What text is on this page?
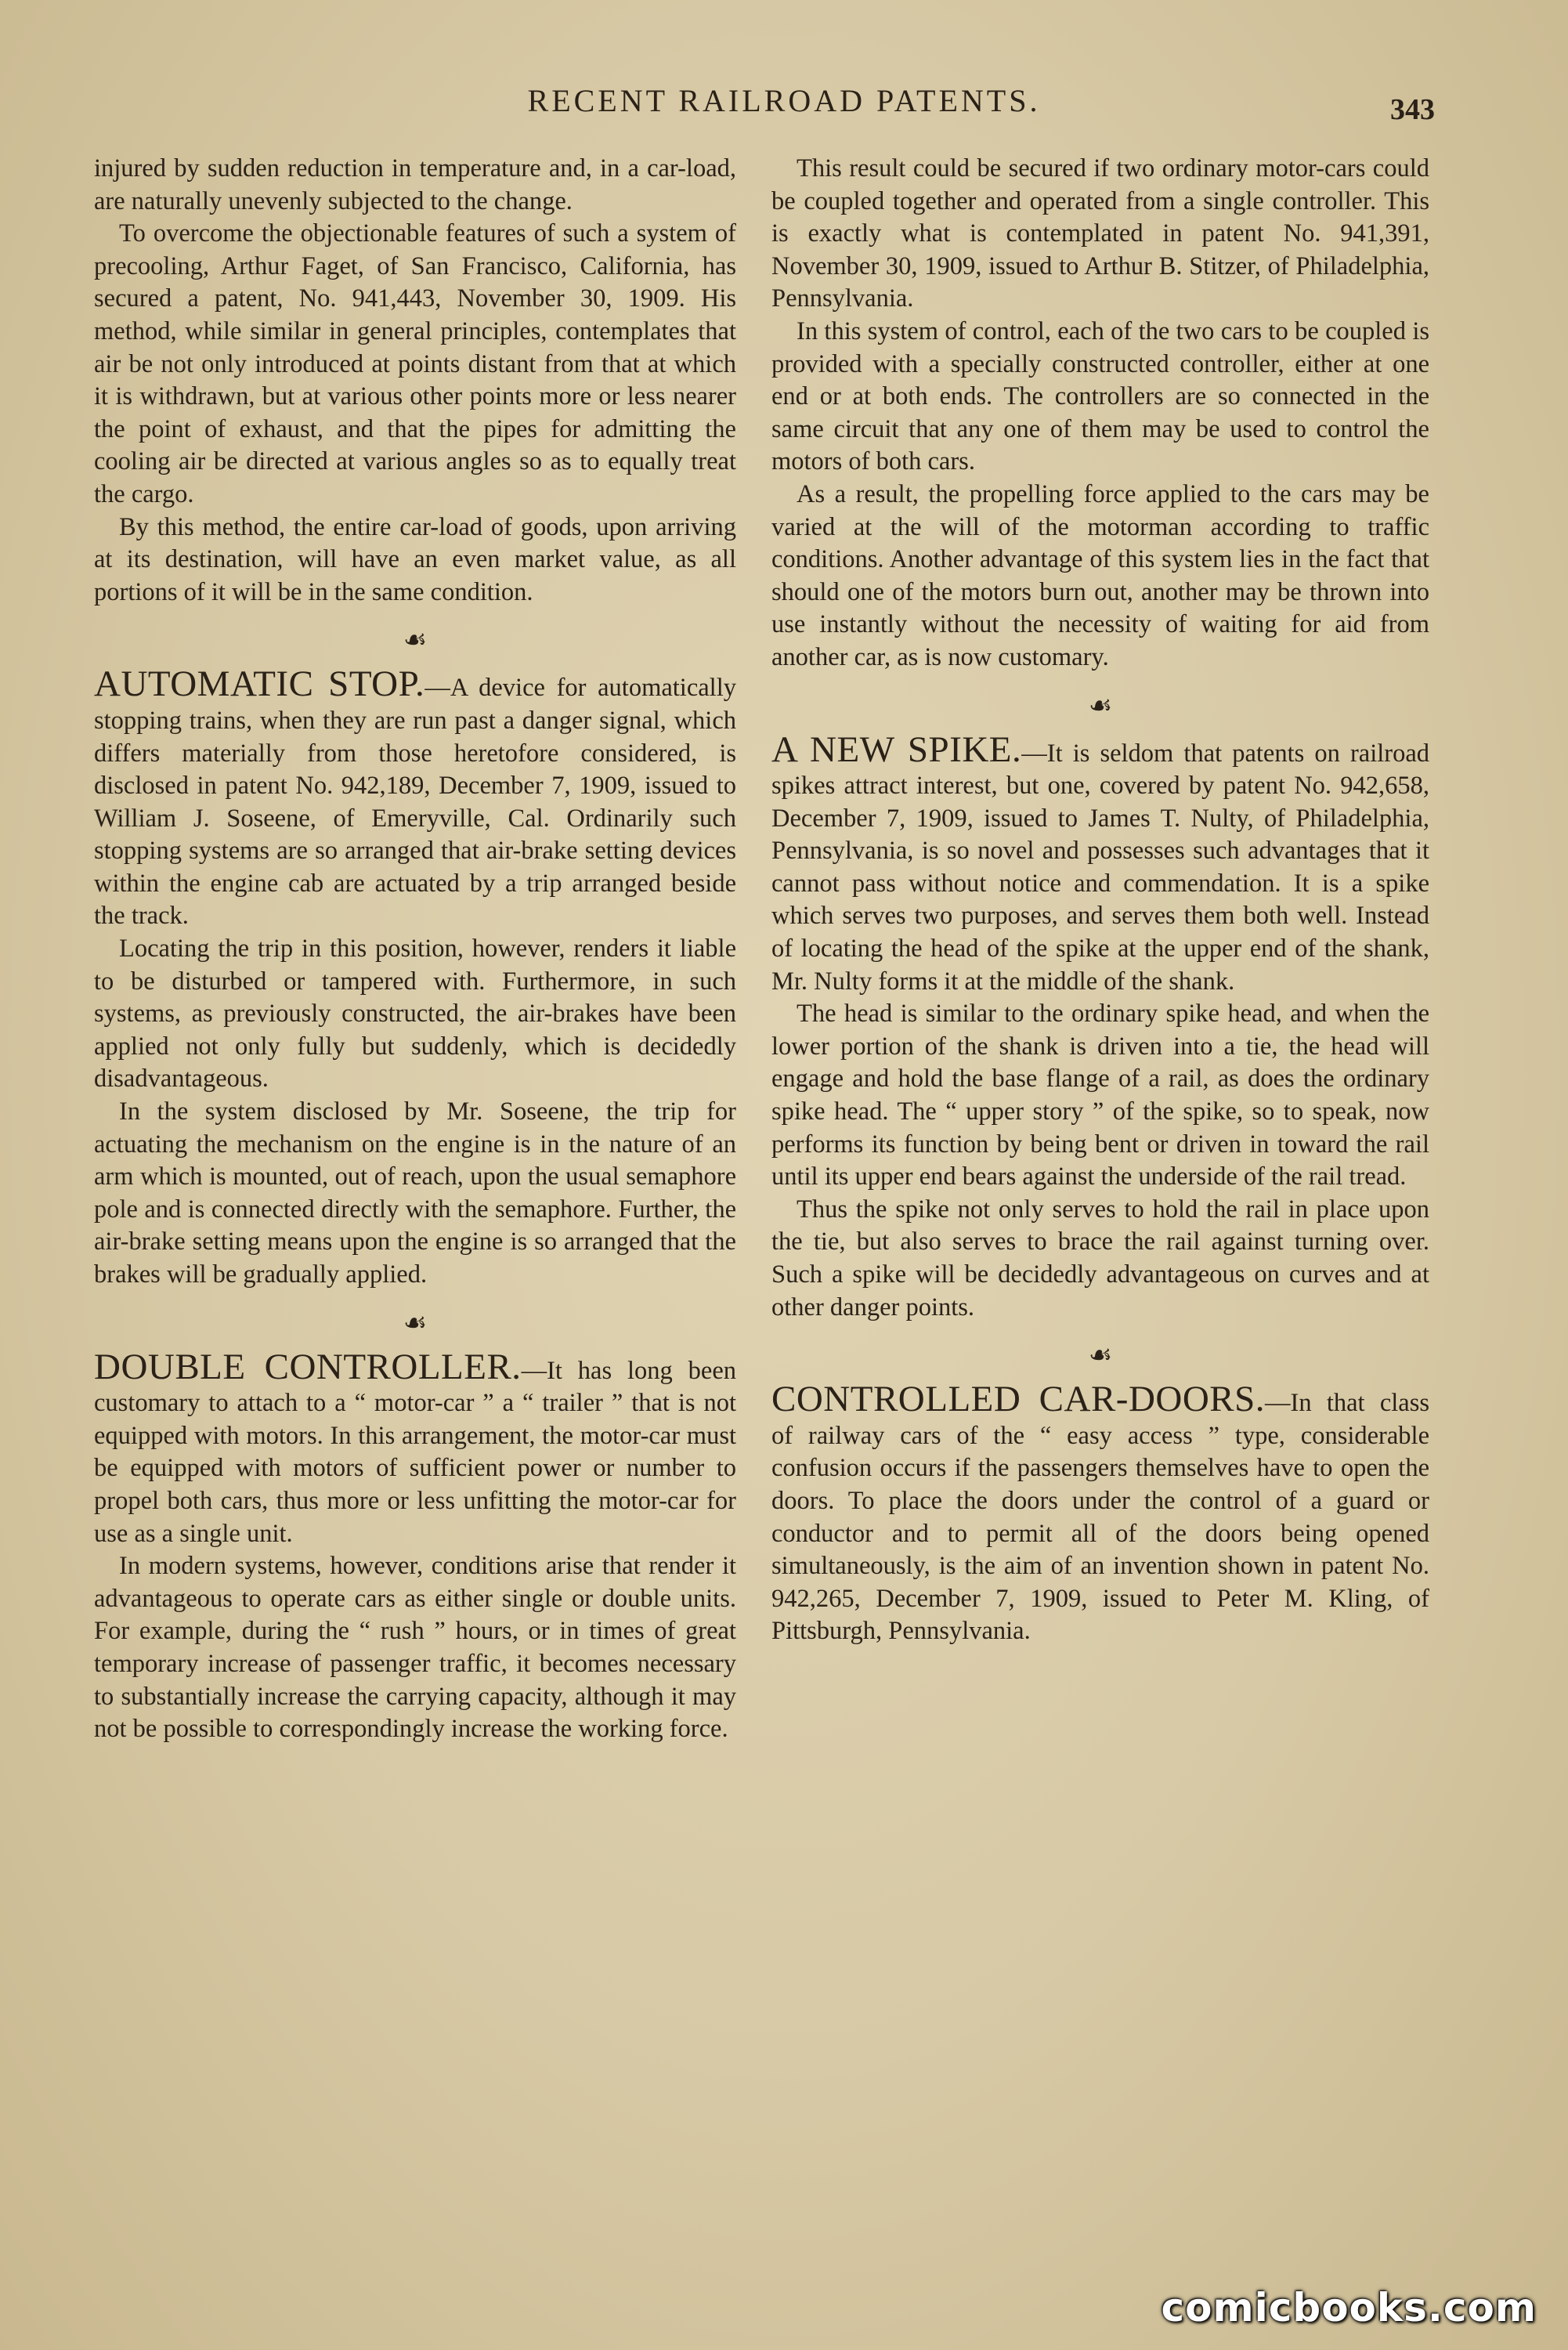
RECENT RAILROAD PATENTS.	343

injured by sudden reduction in temperature and, in a car-load, are naturally unevenly subjected to the change.

To overcome the objectionable features of such a system of precooling, Arthur Faget, of San Francisco, California, has secured a patent, No. 941,443, November 30, 1909. His method, while similar in general principles, contemplates that air be not only introduced at points distant from that at which it is withdrawn, but at various other points more or less nearer the point of exhaust, and that the pipes for admitting the cooling air be directed at various angles so as to equally treat the cargo.

By this method, the entire car-load of goods, upon arriving at its destination, will have an even market value, as all portions of it will be in the same condition.

☙

AUTOMATIC STOP.—A device for automatically stopping trains, when they are run past a danger signal, which differs materially from those heretofore considered, is disclosed in patent No. 942,189, December 7, 1909, issued to William J. Soseene, of Emeryville, Cal. Ordinarily such stopping systems are so arranged that air-brake setting devices within the engine cab are actuated by a trip arranged beside the track.

Locating the trip in this position, however, renders it liable to be disturbed or tampered with. Furthermore, in such systems, as previously constructed, the air-brakes have been applied not only fully but suddenly, which is decidedly disadvantageous.

In the system disclosed by Mr. Soseene, the trip for actuating the mechanism on the engine is in the nature of an arm which is mounted, out of reach, upon the usual semaphore pole and is connected directly with the semaphore. Further, the air-brake setting means upon the engine is so arranged that the brakes will be gradually applied.

☙

DOUBLE CONTROLLER.—It has long been customary to attach to a “ motor-car ” a “ trailer ” that is not equipped with motors. In this arrangement, the motor-car must be equipped with motors of sufficient power or number to propel both cars, thus more or less unfitting the motor-car for use as a single unit.

In modern systems, however, conditions arise that render it advantageous to operate cars as either single or double units. For example, during the “ rush ” hours, or in times of great temporary increase of passenger traffic, it becomes necessary to substantially increase the carrying capacity, although it may not be possible to correspondingly increase the working force.

This result could be secured if two ordinary motor-cars could be coupled together and operated from a single controller. This is exactly what is contemplated in patent No. 941,391, November 30, 1909, issued to Arthur B. Stitzer, of Philadelphia, Pennsylvania.

In this system of control, each of the two cars to be coupled is provided with a specially constructed controller, either at one end or at both ends. The controllers are so connected in the same circuit that any one of them may be used to control the motors of both cars.

As a result, the propelling force applied to the cars may be varied at the will of the motorman according to traffic conditions. Another advantage of this system lies in the fact that should one of the motors burn out, another may be thrown into use instantly without the necessity of waiting for aid from another car, as is now customary.

☙

A NEW SPIKE.—It is seldom that patents on railroad spikes attract interest, but one, covered by patent No. 942,658, December 7, 1909, issued to James T. Nulty, of Philadelphia, Pennsylvania, is so novel and possesses such advantages that it cannot pass without notice and commendation. It is a spike which serves two purposes, and serves them both well. Instead of locating the head of the spike at the upper end of the shank, Mr. Nulty forms it at the middle of the shank.

The head is similar to the ordinary spike head, and when the lower portion of the shank is driven into a tie, the head will engage and hold the base flange of a rail, as does the ordinary spike head. The “ upper story ” of the spike, so to speak, now performs its function by being bent or driven in toward the rail until its upper end bears against the underside of the rail tread.

Thus the spike not only serves to hold the rail in place upon the tie, but also serves to brace the rail against turning over. Such a spike will be decidedly advantageous on curves and at other danger points.

☙

CONTROLLED CAR-DOORS.—In that class of railway cars of the “ easy access ” type, considerable confusion occurs if the passengers themselves have to open the doors. To place the doors under the control of a guard or conductor and to permit all of the doors being opened simultaneously, is the aim of an invention shown in patent No. 942,265, December 7, 1909, issued to Peter M. Kling, of Pittsburgh, Pennsylvania.

comicbooks.com
